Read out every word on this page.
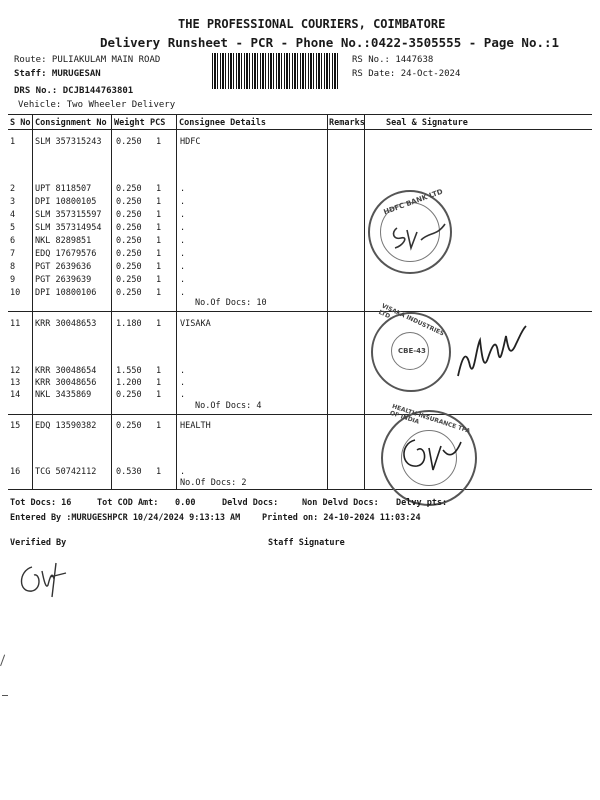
THE PROFESSIONAL COURIERS, COIMBATORE
Delivery Runsheet - PCR - Phone No.:0422-3505555 - Page No.:1
Route: PULIAKULAM MAIN ROAD
Staff: MURUGESAN
DRS No.: DCJB144763801
Vehicle: Two Wheeler Delivery
RS No.: 1447638
RS Date: 24-Oct-2024
S No Consignment No Weight PCS Consignee Details	Remarks Seal & Signature
1 SLM 357315243 0.250 1 HDFC
2 UPT 8118507	0.250 1 .
3 DPI 10800105 0.250 1 .
4 SLM 357315597 0.250 1 .
5 SLM 357314954 0.250 1 .
6 NKL 8289851	0.250 1 .
7 EDQ 17679576 0.250 1 .
8 PGT 2639636	0.250 1 .
9 PGT 2639639	0.250 1 .
10 DPI 10800106 0.250 1 .
No.Of Docs: 10
11 KRR 30048653 1.180 1 VISAKA
12 KRR 30048654 1.550 1 .
13 KRR 30048656 1.200 1 .
14 NKL 3435869	0.250 1 .
No.Of Docs: 4
15 EDQ 13590382 0.250 1 HEALTH
16 TCG 50742112 0.530 1 .
No.Of Docs: 2
HDFC BANK LTD
CBE-43
VISAKA INDUSTRIES LTD.
HEALTH INSURANCE TPA OF INDIA
Tot Docs: 16	Tot COD Amt: 0.00	Delvd Docs:	Non Delvd Docs: Delvy pts:
Entered By :MURUGESHPCR 10/24/2024 9:13:13 AM	Printed on: 24-10-2024 11:03:24
Verified By	Staff Signature
